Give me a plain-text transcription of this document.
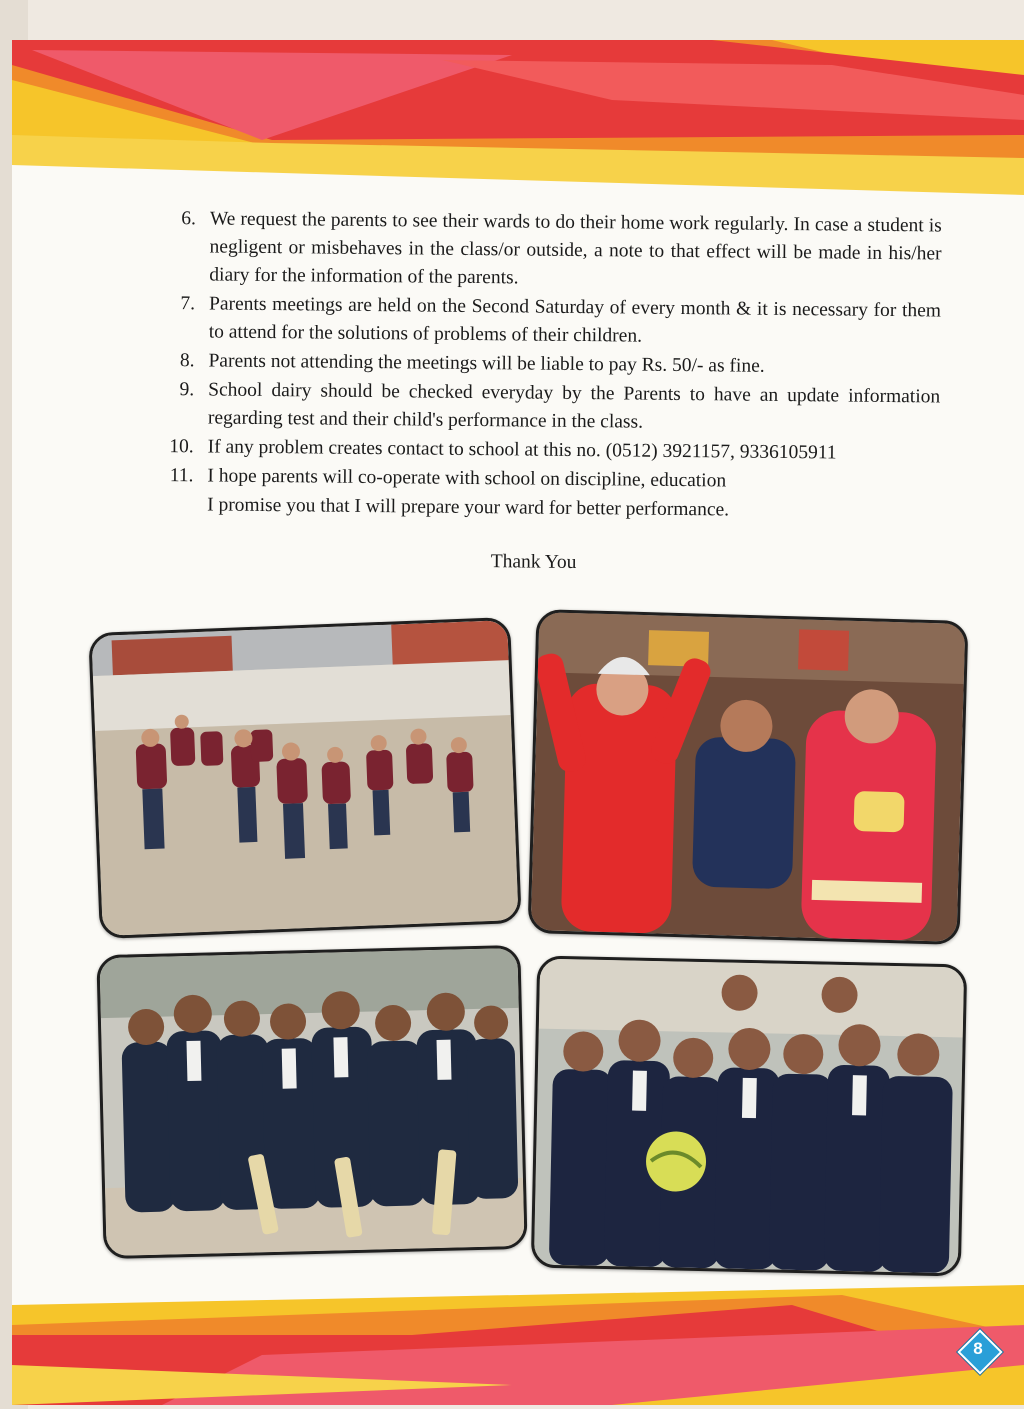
6. We request the parents to see their wards to do their home work regularly. In case a student is negligent or misbehaves in the class/or outside, a note to that effect will be made in his/her diary for the information of the parents.
7. Parents meetings are held on the Second Saturday of every month & it is necessary for them to attend for the solutions of problems of their children.
8. Parents not attending the meetings will be liable to pay Rs. 50/- as fine.
9. School dairy should be checked everyday by the Parents to have an update information regarding test and their child's performance in the class.
10. If any problem creates contact to school at this no. (0512) 3921157, 9336105911
11. I hope parents will co-operate with school on discipline, education
I promise you that I will prepare your ward for better performance.
Thank You
8
